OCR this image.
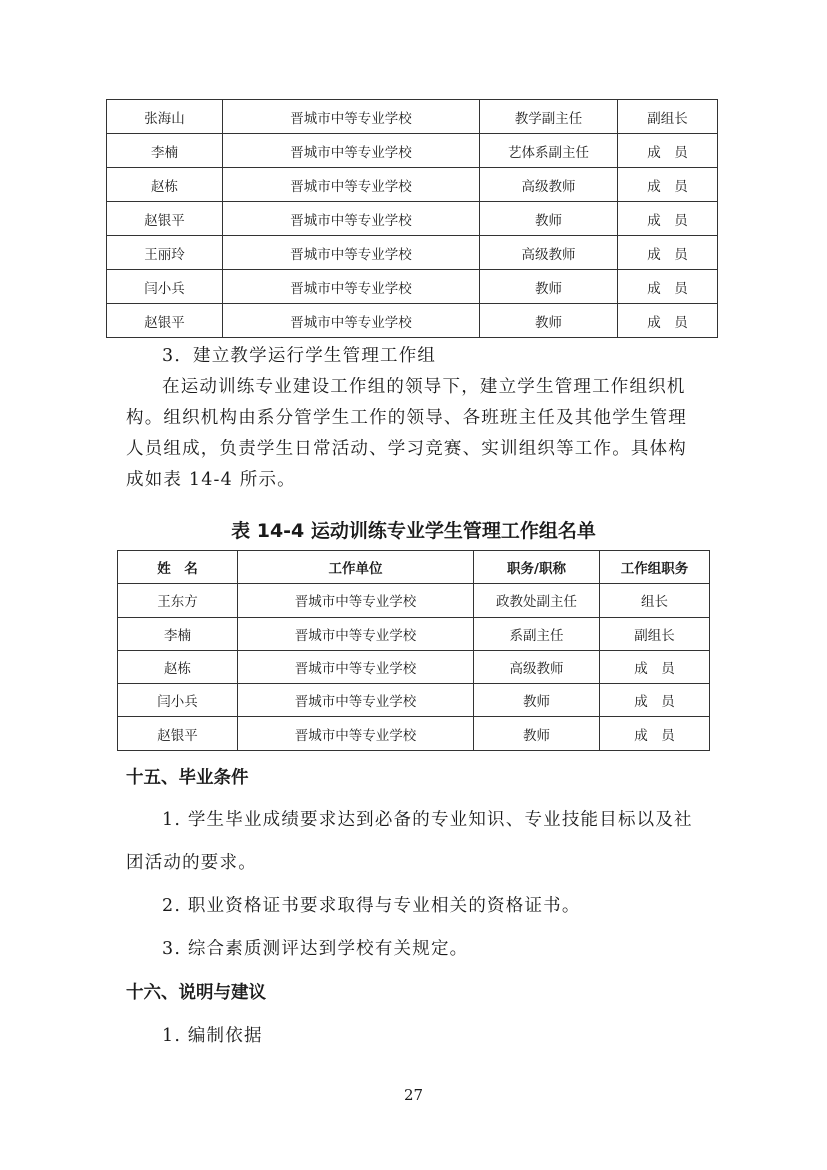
张海山	晋城市中等专业学校	教学副主任	副组长
李楠	晋城市中等专业学校	艺体系副主任	成　员
赵栋	晋城市中等专业学校	高级教师	成　员
赵银平	晋城市中等专业学校	教师	成　员
王丽玲	晋城市中等专业学校	高级教师	成　员
闫小兵	晋城市中等专业学校	教师	成　员
赵银平	晋城市中等专业学校	教师	成　员
3．建立教学运行学生管理工作组
在运动训练专业建设工作组的领导下，建立学生管理工作组织机
构。组织机构由系分管学生工作的领导、各班班主任及其他学生管理
人员组成，负责学生日常活动、学习竞赛、实训组织等工作。具体构
成如表 14-4 所示。
表 14-4 运动训练专业学生管理工作组名单
姓　名	工作单位	职务/职称	工作组职务
王东方	晋城市中等专业学校	政教处副主任	组长
李楠	晋城市中等专业学校	系副主任	副组长
赵栋	晋城市中等专业学校	高级教师	成　员
闫小兵	晋城市中等专业学校	教师	成　员
赵银平	晋城市中等专业学校	教师	成　员
十五、毕业条件
1. 学生毕业成绩要求达到必备的专业知识、专业技能目标以及社
团活动的要求。
2. 职业资格证书要求取得与专业相关的资格证书。
3. 综合素质测评达到学校有关规定。
十六、说明与建议
1. 编制依据
27
